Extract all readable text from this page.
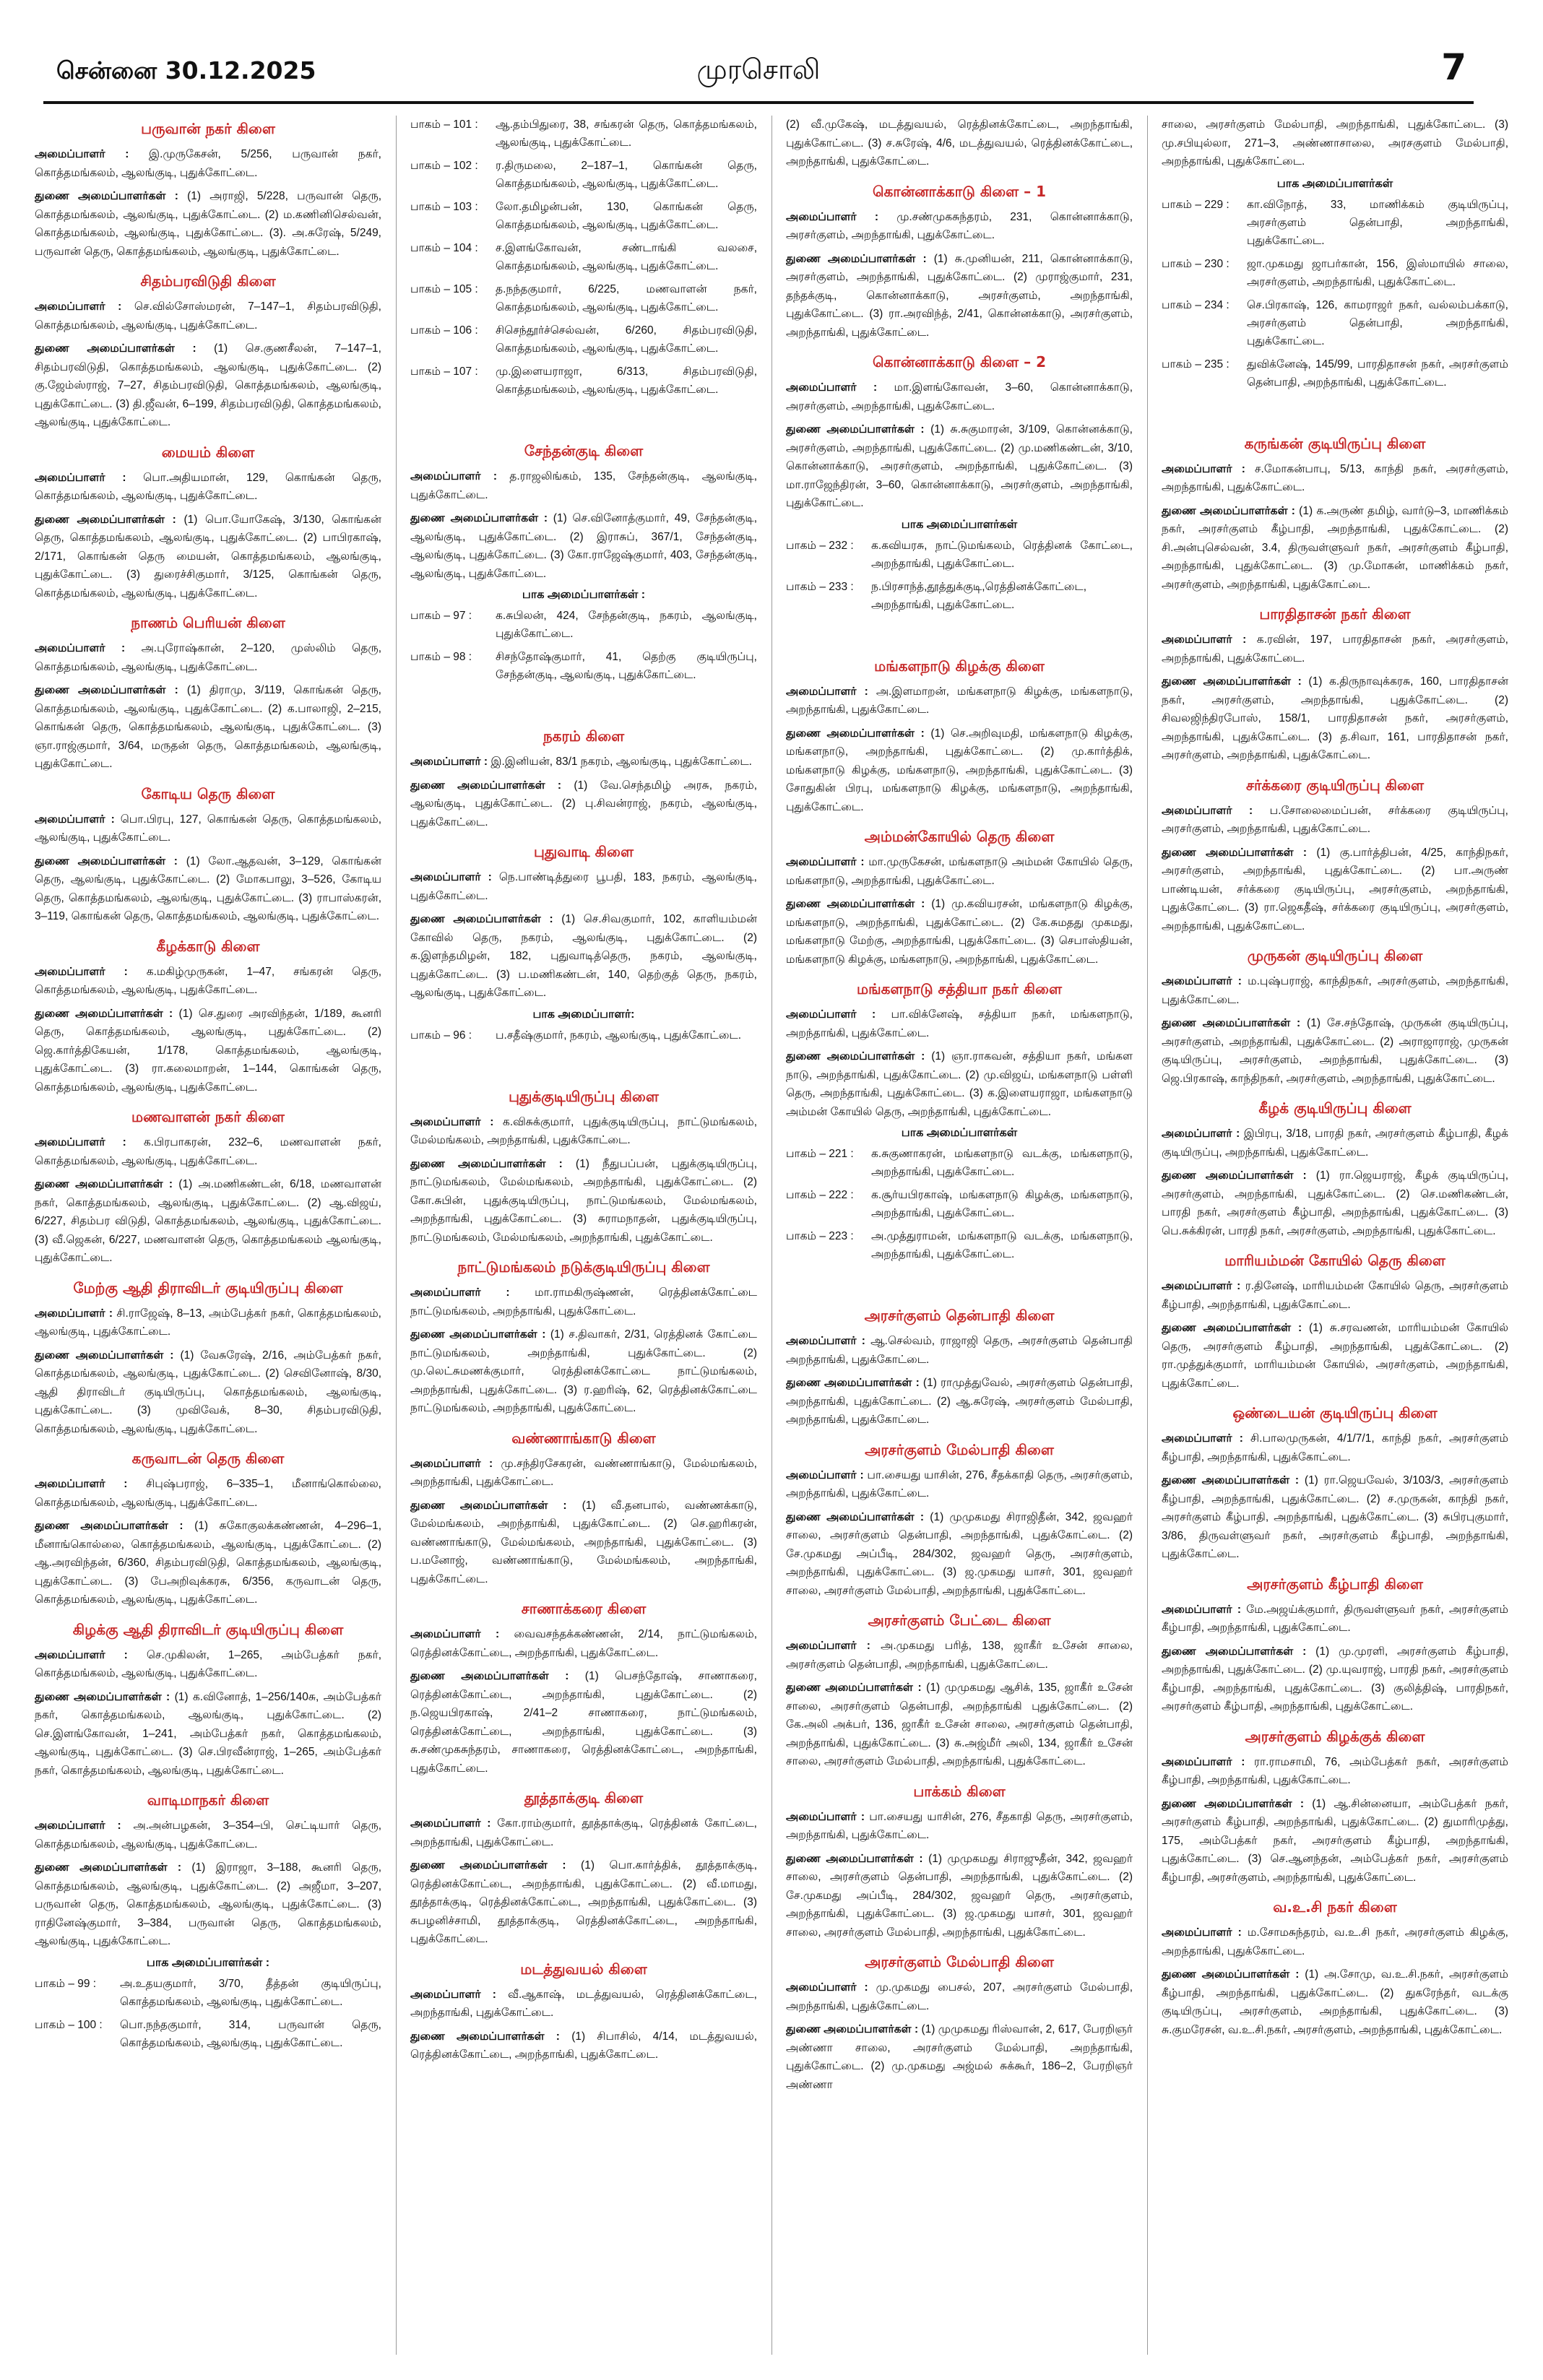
சென்னை 30.12.2025	முரசொலி	7
பருவான் நகர் கிளை
அமைப்பாளர் : இ.முருகேசன், 5/256, பருவான் நகர், கொத்தமங்கலம், ஆலங்குடி, புதுக்கோட்டை.
துணை அமைப்பாளர்கள் : (1) அராஜி, 5/228, பருவான் தெரு, கொத்தமங்கலம், ஆலங்குடி, புதுக்கோட்டை. (2) ம.கணினிசெல்வன், கொத்தமங்கலம், ஆலங்குடி, புதுக்கோட்டை. (3). அ.சுரேஷ், 5/249, பருவான் தெரு, கொத்தமங்கலம், ஆலங்குடி, புதுக்கோட்டை.
சிதம்பரவிடுதி கிளை
அமைப்பாளர் : செ.வில்சோஸ்மரன், 7–147–1, சிதம்பரவிடுதி, கொத்தமங்கலம், ஆலங்குடி, புதுக்கோட்டை.
துணை அமைப்பாளர்கள் : (1) செ.குணசீலன், 7–147–1, சிதம்பரவிடுதி, கொத்தமங்கலம், ஆலங்குடி, புதுக்கோட்டை. (2) கு.ஜேம்ஸ்ராஜ், 7–27, சிதம்பரவிடுதி, கொத்தமங்கலம், ஆலங்குடி, புதுக்கோட்டை. (3) தி.ஜீவன், 6–199, சிதம்பரவிடுதி, கொத்தமங்கலம், ஆலங்குடி, புதுக்கோட்டை.
மையம் கிளை
அமைப்பாளர் : பொ.அதியமான், 129, கொங்கன் தெரு, கொத்தமங்கலம், ஆலங்குடி, புதுக்கோட்டை.
துணை அமைப்பாளர்கள் : (1) பொ.யோகேஷ், 3/130, கொங்கன் தெரு, கொத்தமங்கலம், ஆலங்குடி, புதுக்கோட்டை. (2) பாபிரகாஷ், 2/171, கொங்கன் தெரு மையன், கொத்தமங்கலம், ஆலங்குடி, புதுக்கோட்டை. (3) துரைச்சிகுமார், 3/125, கொங்கன் தெரு, கொத்தமங்கலம், ஆலங்குடி, புதுக்கோட்டை.
நாணம் பெரியன் கிளை
அமைப்பாளர் : அ.புரோஷ்கான், 2–120, முஸ்லிம் தெரு, கொத்தமங்கலம், ஆலங்குடி, புதுக்கோட்டை.
துணை அமைப்பாளர்கள் : (1) திராமு, 3/119, கொங்கன் தெரு, கொத்தமங்கலம், ஆலங்குடி, புதுக்கோட்டை. (2) க.பாலாஜி, 2–215, கொங்கன் தெரு, கொத்தமங்கலம், ஆலங்குடி, புதுக்கோட்டை. (3) ஞா.ராஜ்குமார், 3/64, மருதன் தெரு, கொத்தமங்கலம், ஆலங்குடி, புதுக்கோட்டை.
கோடிய தெரு கிளை
அமைப்பாளர் : பொ.பிரபு, 127, கொங்கன் தெரு, கொத்தமங்கலம், ஆலங்குடி, புதுக்கோட்டை.
துணை அமைப்பாளர்கள் : (1) லோ.ஆதவன், 3–129, கொங்கன் தெரு, ஆலங்குடி, புதுக்கோட்டை. (2) மோகபாலு, 3–526, கோடிய தெரு, கொத்தமங்கலம், ஆலங்குடி, புதுக்கோட்டை. (3) ராபாஸ்கரன், 3–119, கொங்கன் தெரு, கொத்தமங்கலம், ஆலங்குடி, புதுக்கோட்டை.
கீழக்காடு கிளை
அமைப்பாளர் : க.மகிழ்முருகன், 1–47, சங்கரன் தெரு, கொத்தமங்கலம், ஆலங்குடி, புதுக்கோட்டை.
துணை அமைப்பாளர்கள் : (1) செ.துரை அரவிந்தன், 1/189, கூனரி தெரு, கொத்தமங்கலம், ஆலங்குடி, புதுக்கோட்டை. (2) ஜெ.கார்த்திகேயன், 1/178, கொத்தமங்கலம், ஆலங்குடி, புதுக்கோட்டை. (3) ரா.கலைமாறன், 1–144, கொங்கன் தெரு, கொத்தமங்கலம், ஆலங்குடி, புதுக்கோட்டை.
மணவாளன் நகர் கிளை
அமைப்பாளர் : க.பிரபாகரன், 232–6, மணவாளன் நகர், கொத்தமங்கலம், ஆலங்குடி, புதுக்கோட்டை.
துணை அமைப்பாளர்கள் : (1) அ.மணிகண்டன், 6/18, மணவாளன் நகர், கொத்தமங்கலம், ஆலங்குடி, புதுக்கோட்டை. (2) ஆ.விஜய், 6/227, சிதம்பர விடுதி, கொத்தமங்கலம், ஆலங்குடி, புதுக்கோட்டை. (3) வீ.ஜெகன், 6/227, மணவாளன் தெரு, கொத்தமங்கலம் ஆலங்குடி, புதுக்கோட்டை.
மேற்கு ஆதி திராவிடர் குடியிருப்பு கிளை
அமைப்பாளர் : சி.ராஜேஷ், 8–13, அம்பேத்கர் நகர், கொத்தமங்கலம், ஆலங்குடி, புதுக்கோட்டை.
துணை அமைப்பாளர்கள் : (1) வேசுரேஷ், 2/16, அம்பேத்கர் நகர், கொத்தமங்கலம், ஆலங்குடி, புதுக்கோட்டை. (2) செவினோஷ், 8/30, ஆதி திராவிடர் குடியிருப்பு, கொத்தமங்கலம், ஆலங்குடி, புதுக்கோட்டை. (3) முவிவேக், 8–30, சிதம்பரவிடுதி, கொத்தமங்கலம், ஆலங்குடி, புதுக்கோட்டை.
கருவாடன் தெரு கிளை
அமைப்பாளர் : சிபுஷ்பராஜ், 6–335–1, மீனாங்கொல்லை, கொத்தமங்கலம், ஆலங்குடி, புதுக்கோட்டை.
துணை அமைப்பாளர்கள் : (1) சுகோகுலக்கண்ணன், 4–296–1, மீனாங்கொல்லை, கொத்தமங்கலம், ஆலங்குடி, புதுக்கோட்டை. (2) ஆ.அரவிந்தன், 6/360, சிதம்பரவிடுதி, கொத்தமங்கலம், ஆலங்குடி, புதுக்கோட்டை. (3) பேஅறிவுக்கரசு, 6/356, கருவாடன் தெரு, கொத்தமங்கலம், ஆலங்குடி, புதுக்கோட்டை.
கிழக்கு ஆதி திராவிடர் குடியிருப்பு கிளை
அமைப்பாளர் : செ.முகிலன், 1–265, அம்பேத்கர் நகர், கொத்தமங்கலம், ஆலங்குடி, புதுக்கோட்டை.
துணை அமைப்பாளர்கள் : (1) க.வினோத், 1–256/140சு, அம்பேத்கர் நகர், கொத்தமங்கலம், ஆலங்குடி, புதுக்கோட்டை. (2) செ.இளங்கோவன், 1–241, அம்பேத்கர் நகர், கொத்தமங்கலம், ஆலங்குடி, புதுக்கோட்டை. (3) செ.பிரவீன்ராஜ், 1–265, அம்பேத்கர் நகர், கொத்தமங்கலம், ஆலங்குடி, புதுக்கோட்டை.
வாடிமாநகர் கிளை
அமைப்பாளர் : அ.அன்பழகன், 3–354–பி, செட்டியார் தெரு, கொத்தமங்கலம், ஆலங்குடி, புதுக்கோட்டை.
துணை அமைப்பாளர்கள் : (1) இராஜா, 3–188, கூனரி தெரு, கொத்தமங்கலம், ஆலங்குடி, புதுக்கோட்டை. (2) அஜீமா, 3–207, பருவான் தெரு, கொத்தமங்கலம், ஆலங்குடி, புதுக்கோட்டை. (3) ராதினேஷ்குமார், 3–384, பருவான் தெரு, கொத்தமங்கலம், ஆலங்குடி, புதுக்கோட்டை.
பாக அமைப்பாளர்கள் :
பாகம் – 99 :	அ.உதயகுமார், 3/70, தீத்தன் குடியிருப்பு, கொத்தமங்கலம், ஆலங்குடி, புதுக்கோட்டை.
பாகம் – 100 :	பொ.நந்தகுமார், 314, பருவான் தெரு, கொத்தமங்கலம், ஆலங்குடி, புதுக்கோட்டை.
பாகம் – 101 :	ஆ.தம்பிதுரை, 38, சங்கரன் தெரு, கொத்தமங்கலம், ஆலங்குடி, புதுக்கோட்டை.
பாகம் – 102 :	ர.திருமலை, 2–187–1, கொங்கன் தெரு, கொத்தமங்கலம், ஆலங்குடி, புதுக்கோட்டை.
பாகம் – 103 :	லோ.தமிழன்பன், 130, கொங்கன் தெரு, கொத்தமங்கலம், ஆலங்குடி, புதுக்கோட்டை.
பாகம் – 104 :	ச.இளங்கோவன், சண்டாங்கி வலசை, கொத்தமங்கலம், ஆலங்குடி, புதுக்கோட்டை.
பாகம் – 105 :	த.நந்தகுமார், 6/225, மணவாளன் நகர், கொத்தமங்கலம், ஆலங்குடி, புதுக்கோட்டை.
பாகம் – 106 :	சிசெந்தூர்ச்செல்வன், 6/260, சிதம்பரவிடுதி, கொத்தமங்கலம், ஆலங்குடி, புதுக்கோட்டை.
பாகம் – 107 :	மு.இளையராஜா, 6/313, சிதம்பரவிடுதி, கொத்தமங்கலம், ஆலங்குடி, புதுக்கோட்டை.
சேந்தன்குடி கிளை
அமைப்பாளர் : த.ராஜலிங்கம், 135, சேந்தன்குடி, ஆலங்குடி, புதுக்கோட்டை.
துணை அமைப்பாளர்கள் : (1) செ.வினோத்குமார், 49, சேந்தன்குடி, ஆலங்குடி, புதுக்கோட்டை. (2) இராசுப், 367/1, சேந்தன்குடி, ஆலங்குடி, புதுக்கோட்டை. (3) கோ.ராஜேஷ்குமார், 403, சேந்தன்குடி, ஆலங்குடி, புதுக்கோட்டை.
பாக அமைப்பாளர்கள் :
பாகம் – 97 :	க.சுபிலன், 424, சேந்தன்குடி, நகரம், ஆலங்குடி, புதுக்கோட்டை.
பாகம் – 98 :	சிசந்தோஷ்குமார், 41, தெற்கு குடியிருப்பு, சேந்தன்குடி, ஆலங்குடி, புதுக்கோட்டை.
நகரம் கிளை
அமைப்பாளர் : இ.இனியன், 83/1 நகரம், ஆலங்குடி, புதுக்கோட்டை.
துணை அமைப்பாளர்கள் : (1) வே.செந்தமிழ் அரசு, நகரம், ஆலங்குடி, புதுக்கோட்டை. (2) பு.சிவன்ராஜ், நகரம், ஆலங்குடி, புதுக்கோட்டை.
புதுவாடி கிளை
அமைப்பாளர் : நெ.பாண்டித்துரை பூபதி, 183, நகரம், ஆலங்குடி, புதுக்கோட்டை.
துணை அமைப்பாளர்கள் : (1) செ.சிவகுமார், 102, காளியம்மன் கோவில் தெரு, நகரம், ஆலங்குடி, புதுக்கோட்டை. (2) க.இளந்தமிழன், 182, புதுவாடித்தெரு, நகரம், ஆலங்குடி, புதுக்கோட்டை. (3) ப.மணிகண்டன், 140, தெற்குத் தெரு, நகரம், ஆலங்குடி, புதுக்கோட்டை.
பாக அமைப்பாளர்:
பாகம் – 96 :	ப.சதீஷ்குமார், நகரம், ஆலங்குடி, புதுக்கோட்டை.
புதுக்குடியிருப்பு கிளை
அமைப்பாளர் : க.விசுக்குமார், புதுக்குடியிருப்பு, நாட்டுமங்கலம், மேல்மங்கலம், அறந்தாங்கி, புதுக்கோட்டை.
துணை அமைப்பாளர்கள் : (1) நீதுபப்பன், புதுக்குடியிருப்பு, நாட்டுமங்கலம், மேல்மங்கலம், அறந்தாங்கி, புதுக்கோட்டை. (2) கோ.சுபின், புதுக்குடியிருப்பு, நாட்டுமங்கலம், மேல்மங்கலம், அறந்தாங்கி, புதுக்கோட்டை. (3) சுராமநாதன், புதுக்குடியிருப்பு, நாட்டுமங்கலம், மேல்மங்கலம், அறந்தாங்கி, புதுக்கோட்டை.
நாட்டுமங்கலம் நடுக்குடியிருப்பு கிளை
அமைப்பாளர் : மா.ராமகிருஷ்ணன், ரெத்தினக்கோட்டை நாட்டுமங்கலம், அறந்தாங்கி, புதுக்கோட்டை.
துணை அமைப்பாளர்கள் : (1) ச.திவாகர், 2/31, ரெத்தினக் கோட்டை நாட்டுமங்கலம், அறந்தாங்கி, புதுக்கோட்டை. (2) மு.லெட்சுமணக்குமார், ரெத்தினக்கோட்டை நாட்டுமங்கலம், அறந்தாங்கி, புதுக்கோட்டை. (3) ர.ஹரிஷ், 62, ரெத்தினக்கோட்டை நாட்டுமங்கலம், அறந்தாங்கி, புதுக்கோட்டை.
வண்ணாங்காடு கிளை
அமைப்பாளர் : மு.சந்திரசேகரன், வண்ணாங்காடு, மேல்மங்கலம், அறந்தாங்கி, புதுக்கோட்டை.
துணை அமைப்பாளர்கள் : (1) வீ.தனபால், வண்ணக்காடு, மேல்மங்கலம், அறந்தாங்கி, புதுக்கோட்டை. (2) செ.ஹரிகரன், வண்ணாங்காடு, மேல்மங்கலம், அறந்தாங்கி, புதுக்கோட்டை. (3) ப.மனோஜ், வண்ணாங்காடு, மேல்மங்கலம், அறந்தாங்கி, புதுக்கோட்டை.
சாணாக்கரை கிளை
அமைப்பாளர் : வைவசந்தக்கண்ணன், 2/14, நாட்டுமங்கலம், ரெத்தினக்கோட்டை, அறந்தாங்கி, புதுக்கோட்டை.
துணை அமைப்பாளர்கள் : (1) பெசந்தோஷ், சாணாகரை, ரெத்தினக்கோட்டை, அறந்தாங்கி, புதுக்கோட்டை. (2) ந.ஜெயபிரகாஷ், 2/41–2 சாணாகரை, நாட்டுமங்கலம், ரெத்தினக்கோட்டை, அறந்தாங்கி, புதுக்கோட்டை. (3) சு.சண்முகசுந்தரம், சாணாகரை, ரெத்தினக்கோட்டை, அறந்தாங்கி, புதுக்கோட்டை.
தூத்தாக்குடி கிளை
அமைப்பாளர் : கோ.ராம்குமார், தூத்தாக்குடி, ரெத்தினக் கோட்டை, அறந்தாங்கி, புதுக்கோட்டை.
துணை அமைப்பாளர்கள் : (1) பொ.கார்த்திக், தூத்தாக்குடி, ரெத்தினக்கோட்டை, அறந்தாங்கி, புதுக்கோட்டை. (2) வீ.மாமது, தூத்தாக்குடி, ரெத்தினக்கோட்டை, அறந்தாங்கி, புதுக்கோட்டை. (3) சுபழனிச்சாமி, தூத்தாக்குடி, ரெத்தினக்கோட்டை, அறந்தாங்கி, புதுக்கோட்டை.
மடத்துவயல் கிளை
அமைப்பாளர் : வீ.ஆகாஷ், மடத்துவயல், ரெத்தினக்கோட்டை, அறந்தாங்கி, புதுக்கோட்டை.
துணை அமைப்பாளர்கள் : (1) சிபாசில், 4/14, மடத்துவயல், ரெத்தினக்கோட்டை, அறந்தாங்கி, புதுக்கோட்டை.
(2) வீ.முகேஷ், மடத்துவயல், ரெத்தினக்கோட்டை, அறந்தாங்கி, புதுக்கோட்டை. (3) ச.சுரேஷ், 4/6, மடத்துவயல், ரெத்தினக்கோட்டை, அறந்தாங்கி, புதுக்கோட்டை.
கொன்னாக்காடு கிளை – 1
அமைப்பாளர் : மு.சண்முகசுந்தரம், 231, கொன்னாக்காடு, அரசர்குளம், அறந்தாங்கி, புதுக்கோட்டை.
துணை அமைப்பாளர்கள் : (1) சு.முனியன், 211, கொன்னாக்காடு, அரசர்குளம், அறந்தாங்கி, புதுக்கோட்டை. (2) முராஜ்குமார், 231, தந்தக்குடி, கொன்னாக்காடு, அரசர்குளம், அறந்தாங்கி, புதுக்கோட்டை. (3) ரா.அரவிந்த், 2/41, கொன்னக்காடு, அரசர்குளம், அறந்தாங்கி, புதுக்கோட்டை.
கொன்னாக்காடு கிளை – 2
அமைப்பாளர் : மா.இளங்கோவன், 3–60, கொன்னாக்காடு, அரசர்குளம், அறந்தாங்கி, புதுக்கோட்டை.
துணை அமைப்பாளர்கள் : (1) சு.சுகுமாரன், 3/109, கொன்னக்காடு, அரசர்குளம், அறந்தாங்கி, புதுக்கோட்டை. (2) மு.மணிகண்டன், 3/10, கொன்னாக்காடு, அரசர்குளம், அறந்தாங்கி, புதுக்கோட்டை. (3) மா.ராஜேந்திரன், 3–60, கொன்னாக்காடு, அரசர்குளம், அறந்தாங்கி, புதுக்கோட்டை.
பாக அமைப்பாளர்கள்
பாகம் – 232 :	க.கவியரசு, நாட்டுமங்கலம், ரெத்தினக் கோட்டை, அறந்தாங்கி, புதுக்கோட்டை.
பாகம் – 233 :	ந.பிரசாந்த்,தூத்துக்குடி,ரெத்தினக்கோட்டை, அறந்தாங்கி, புதுக்கோட்டை.
மங்களநாடு கிழக்கு கிளை
அமைப்பாளர் : அ.இளமாறன், மங்களநாடு கிழக்கு, மங்களநாடு, அறந்தாங்கி, புதுக்கோட்டை.
துணை அமைப்பாளர்கள் : (1) செ.அறிவுமதி, மங்களநாடு கிழக்கு, மங்களநாடு, அறந்தாங்கி, புதுக்கோட்டை. (2) மு.கார்த்திக், மங்களநாடு கிழக்கு, மங்களநாடு, அறந்தாங்கி, புதுக்கோட்டை. (3) சோதுகின் பிரபு, மங்களநாடு கிழக்கு, மங்களநாடு, அறந்தாங்கி, புதுக்கோட்டை.
அம்மன்கோயில் தெரு கிளை
அமைப்பாளர் : மா.முருகேசன், மங்களநாடு அம்மன் கோயில் தெரு, மங்களநாடு, அறந்தாங்கி, புதுக்கோட்டை.
துணை அமைப்பாளர்கள் : (1) மு.கவியரசன், மங்களநாடு கிழக்கு, மங்களநாடு, அறந்தாங்கி, புதுக்கோட்டை. (2) கே.சுமதது முகமது, மங்களநாடு மேற்கு, அறந்தாங்கி, புதுக்கோட்டை. (3) செபாஸ்தியன், மங்களநாடு கிழக்கு, மங்களநாடு, அறந்தாங்கி, புதுக்கோட்டை.
மங்களநாடு சத்தியா நகர் கிளை
அமைப்பாளர் : பா.விக்னேஷ், சத்தியா நகர், மங்களநாடு, அறந்தாங்கி, புதுக்கோட்டை.
துணை அமைப்பாளர்கள் : (1) ஞா.ராகவன், சத்தியா நகர், மங்கள நாடு, அறந்தாங்கி, புதுக்கோட்டை. (2) மு.விஜய், மங்களநாடு பள்ளி தெரு, அறந்தாங்கி, புதுக்கோட்டை. (3) க.இளையராஜா, மங்களநாடு அம்மன் கோயில் தெரு, அறந்தாங்கி, புதுக்கோட்டை.
பாக அமைப்பாளர்கள்
பாகம் – 221 :	க.சுகுணாகரன், மங்களநாடு வடக்கு, மங்களநாடு, அறந்தாங்கி, புதுக்கோட்டை.
பாகம் – 222 :	க.சூர்யபிரகாஷ், மங்களநாடு கிழக்கு, மங்களநாடு, அறந்தாங்கி, புதுக்கோட்டை.
பாகம் – 223 :	அ.முத்துராமன், மங்களநாடு வடக்கு, மங்களநாடு, அறந்தாங்கி, புதுக்கோட்டை.
அரசர்குளம் தென்பாதி கிளை
அமைப்பாளர் : ஆ.செல்வம், ராஜாஜி தெரு, அரசர்குளம் தென்பாதி அறந்தாங்கி, புதுக்கோட்டை.
துணை அமைப்பாளர்கள் : (1) ராமுத்துவேல், அரசர்குளம் தென்பாதி, அறந்தாங்கி, புதுக்கோட்டை. (2) ஆ.சுரேஷ், அரசர்குளம் மேல்பாதி, அறந்தாங்கி, புதுக்கோட்டை.
அரசர்குளம் மேல்பாதி கிளை
அமைப்பாளர் : பா.சையது யாசின், 276, சீதக்காதி தெரு, அரசர்குளம், அறந்தாங்கி, புதுக்கோட்டை.
துணை அமைப்பாளர்கள் : (1) முமுகமது சிராஜிதீன், 342, ஜவஹர் சாலை, அரசர்குளம் தென்பாதி, அறந்தாங்கி, புதுக்கோட்டை. (2) சே.முகமது அப்பீடி, 284/302, ஜவஹர் தெரு, அரசர்குளம், அறந்தாங்கி, புதுக்கோட்டை. (3) ஜ.முகமது யாசர், 301, ஜவஹர் சாலை, அரசர்குளம் மேல்பாதி, அறந்தாங்கி, புதுக்கோட்டை.
அரசர்குளம் பேட்டை கிளை
அமைப்பாளர் : அ.முகமது பரித், 138, ஜாகீர் உசேன் சாலை, அரசர்குளம் தென்பாதி, அறந்தாங்கி, புதுக்கோட்டை.
துணை அமைப்பாளர்கள் : (1) முமுகமது ஆசிக், 135, ஜாகீர் உசேன் சாலை, அரசர்குளம் தென்பாதி, அறந்தாங்கி புதுக்கோட்டை. (2) கே.அலி அக்பர், 136, ஜாகீர் உசேன் சாலை, அரசர்குளம் தென்பாதி, அறந்தாங்கி, புதுக்கோட்டை. (3) சு.அஜ்மீர் அலி, 134, ஜாகீர் உசேன் சாலை, அரசர்குளம் மேல்பாதி, அறந்தாங்கி, புதுக்கோட்டை.
பாக்கம் கிளை
அமைப்பாளர் : பா.சையது யாசின், 276, சீதகாதி தெரு, அரசர்குளம், அறந்தாங்கி, புதுக்கோட்டை.
துணை அமைப்பாளர்கள் : (1) முமுகமது சிராஜுதீன், 342, ஜவஹர் சாலை, அரசர்குளம் தென்பாதி, அறந்தாங்கி, புதுக்கோட்டை. (2) சே.முகமது அப்பீடி, 284/302, ஜவஹர் தெரு, அரசர்குளம், அறந்தாங்கி, புதுக்கோட்டை. (3) ஜ.முகமது யாசர், 301, ஜவஹர் சாலை, அரசர்குளம் மேல்பாதி, அறந்தாங்கி, புதுக்கோட்டை.
அரசர்குளம் மேல்பாதி கிளை
அமைப்பாளர் : மு.முகமது பைசல், 207, அரசர்குளம் மேல்பாதி, அறந்தாங்கி, புதுக்கோட்டை.
துணை அமைப்பாளர்கள் : (1) முமுகமது ரிஸ்வான், 2, 617, பேரறிஞர் அண்ணா சாலை, அரசர்குளம் மேல்பாதி, அறந்தாங்கி, புதுக்கோட்டை. (2) மு.முகமது அஜ்மல் சுக்கூர், 186–2, பேரறிஞர் அண்ணா
சாலை, அரசர்குளம் மேல்பாதி, அறந்தாங்கி, புதுக்கோட்டை. (3) மு.சபியுல்லா, 271–3, அண்ணாசாலை, அரசகுளம் மேல்பாதி, அறந்தாங்கி, புதுக்கோட்டை.
பாக அமைப்பாளர்கள்
பாகம் – 229 :	கா.விநோத், 33, மாணிக்கம் குடியிருப்பு, அரசர்குளம் தென்பாதி, அறந்தாங்கி, புதுக்கோட்டை.
பாகம் – 230 :	ஜா.முகமது ஜாபர்கான், 156, இஸ்மாயில் சாலை, அரசர்குளம், அறந்தாங்கி, புதுக்கோட்டை.
பாகம் – 234 :	செ.பிரகாஷ், 126, காமராஜர் நகர், வல்லம்பக்காடு, அரசர்குளம் தென்பாதி, அறந்தாங்கி, புதுக்கோட்டை.
பாகம் – 235 :	துவிக்னேஷ், 145/99, பாரதிதாசன் நகர், அரசர்குளம் தென்பாதி, அறந்தாங்கி, புதுக்கோட்டை.
கருங்கன் குடியிருப்பு கிளை
அமைப்பாளர் : ச.மோகன்பாபு, 5/13, காந்தி நகர், அரசர்குளம், அறந்தாங்கி, புதுக்கோட்டை.
துணை அமைப்பாளர்கள் : (1) க.அருண் தமிழ், வார்டு–3, மாணிக்கம் நகர், அரசர்குளம் கீழ்பாதி, அறந்தாங்கி, புதுக்கோட்டை. (2) சி.அன்புசெல்வன், 3.4, திருவள்ளுவர் நகர், அரசர்குளம் கீழ்பாதி, அறந்தாங்கி, புதுக்கோட்டை. (3) மு.மோகன், மாணிக்கம் நகர், அரசர்குளம், அறந்தாங்கி, புதுக்கோட்டை.
பாரதிதாசன் நகர் கிளை
அமைப்பாளர் : க.ரவின், 197, பாரதிதாசன் நகர், அரசர்குளம், அறந்தாங்கி, புதுக்கோட்டை.
துணை அமைப்பாளர்கள் : (1) க.திருநாவுக்கரசு, 160, பாரதிதாசன் நகர், அரசர்குளம், அறந்தாங்கி, புதுக்கோட்டை. (2) சிவலஜிந்திரபோஸ், 158/1, பாரதிதாசன் நகர், அரசர்குளம், அறந்தாங்கி, புதுக்கோட்டை. (3) த.சிவா, 161, பாரதிதாசன் நகர், அரசர்குளம், அறந்தாங்கி, புதுக்கோட்டை.
சர்க்கரை குடியிருப்பு கிளை
அமைப்பாளர் : ப.சோலைமைப்பன், சர்க்கரை குடியிருப்பு, அரசர்குளம், அறந்தாங்கி, புதுக்கோட்டை.
துணை அமைப்பாளர்கள் : (1) கு.பார்த்திபன், 4/25, காந்திநகர், அரசர்குளம், அறந்தாங்கி, புதுக்கோட்டை. (2) பா.அருண் பாண்டியன், சர்க்கரை குடியிருப்பு, அரசர்குளம், அறந்தாங்கி, புதுக்கோட்டை. (3) ரா.ஜெகதீஷ், சர்க்கரை குடியிருப்பு, அரசர்குளம், அறந்தாங்கி, புதுக்கோட்டை.
முருகன் குடியிருப்பு கிளை
அமைப்பாளர் : ம.புஷ்பராஜ், காந்திநகர், அரசர்குளம், அறந்தாங்கி, புதுக்கோட்டை.
துணை அமைப்பாளர்கள் : (1) சே.சந்தோஷ், முருகன் குடியிருப்பு, அரசர்குளம், அறந்தாங்கி, புதுக்கோட்டை. (2) அராஜாராஜ், முருகன் குடியிருப்பு, அரசர்குளம், அறந்தாங்கி, புதுக்கோட்டை. (3) ஜெ.பிரகாஷ், காந்திநகர், அரசர்குளம், அறந்தாங்கி, புதுக்கோட்டை.
கீழக் குடியிருப்பு கிளை
அமைப்பாளர் : இபிரபு, 3/18, பாரதி நகர், அரசர்குளம் கீழ்பாதி, கீழக் குடியிருப்பு, அறந்தாங்கி, புதுக்கோட்டை.
துணை அமைப்பாளர்கள் : (1) ரா.ஜெயராஜ், கீழக் குடியிருப்பு, அரசர்குளம், அறந்தாங்கி, புதுக்கோட்டை. (2) செ.மணிகண்டன், பாரதி நகர், அரசர்குளம் கீழ்பாதி, அறந்தாங்கி, புதுக்கோட்டை. (3) பெ.சுக்கிரன், பாரதி நகர், அரசர்குளம், அறந்தாங்கி, புதுக்கோட்டை.
மாரியம்மன் கோயில் தெரு கிளை
அமைப்பாளர் : ர.தினேஷ், மாரியம்மன் கோயில் தெரு, அரசர்குளம் கீழ்பாதி, அறந்தாங்கி, புதுக்கோட்டை.
துணை அமைப்பாளர்கள் : (1) சு.சரவணன், மாரியம்மன் கோயில் தெரு, அரசர்குளம் கீழ்பாதி, அறந்தாங்கி, புதுக்கோட்டை. (2) ரா.முத்துக்குமார், மாரியம்மன் கோயில், அரசர்குளம், அறந்தாங்கி, புதுக்கோட்டை.
ஒண்டையன் குடியிருப்பு கிளை
அமைப்பாளர் : சி.பாலமுருகன், 4/1/7/1, காந்தி நகர், அரசர்குளம் கீழ்பாதி, அறந்தாங்கி, புதுக்கோட்டை.
துணை அமைப்பாளர்கள் : (1) ரா.ஜெயவேல், 3/103/3, அரசர்குளம் கீழ்பாதி, அறந்தாங்கி, புதுக்கோட்டை. (2) ச.முருகன், காந்தி நகர், அரசர்குளம் கீழ்பாதி, அறந்தாங்கி, புதுக்கோட்டை. (3) சுபிரபுகுமார், 3/86, திருவள்ளுவர் நகர், அரசர்குளம் கீழ்பாதி, அறந்தாங்கி, புதுக்கோட்டை.
அரசர்குளம் கீழ்பாதி கிளை
அமைப்பாளர் : மே.அஜய்க்குமார், திருவள்ளுவர் நகர், அரசர்குளம் கீழ்பாதி, அறந்தாங்கி, புதுக்கோட்டை.
துணை அமைப்பாளர்கள் : (1) மு.முரளி, அரசர்குளம் கீழ்பாதி, அறந்தாங்கி, புதுக்கோட்டை. (2) மு.யுவராஜ், பாரதி நகர், அரசர்குளம் கீழ்பாதி, அறந்தாங்கி, புதுக்கோட்டை. (3) குலித்திஷ், பாரதிநகர், அரசர்குளம் கீழ்பாதி, அறந்தாங்கி, புதுக்கோட்டை.
அரசர்குளம் கிழக்குக் கிளை
அமைப்பாளர் : ரா.ராமசாமி, 76, அம்பேத்கர் நகர், அரசர்குளம் கீழ்பாதி, அறந்தாங்கி, புதுக்கோட்டை.
துணை அமைப்பாளர்கள் : (1) ஆ.சின்னையா, அம்பேத்கர் நகர், அரசர்குளம் கீழ்பாதி, அறந்தாங்கி, புதுக்கோட்டை. (2) துமாரிமுத்து, 175, அம்பேத்கர் நகர், அரசர்குளம் கீழ்பாதி, அறந்தாங்கி, புதுக்கோட்டை. (3) செ.ஆனந்தன், அம்பேத்கர் நகர், அரசர்குளம் கீழ்பாதி, அரசர்குளம், அறந்தாங்கி, புதுக்கோட்டை.
வ.உ.சி நகர் கிளை
அமைப்பாளர் : ம.சோமசுந்தரம், வ.உ.சி நகர், அரசர்குளம் கிழக்கு, அறந்தாங்கி, புதுக்கோட்டை.
துணை அமைப்பாளர்கள் : (1) அ.சோமு, வ.உ.சி.நகர், அரசர்குளம் கீழ்பாதி, அறந்தாங்கி, புதுக்கோட்டை. (2) துகரேந்தர், வடக்கு குடியிருப்பு, அரசர்குளம், அறந்தாங்கி, புதுக்கோட்டை. (3) சு.குமரேசன், வ.உ.சி.நகர், அரசர்குளம், அறந்தாங்கி, புதுக்கோட்டை.
